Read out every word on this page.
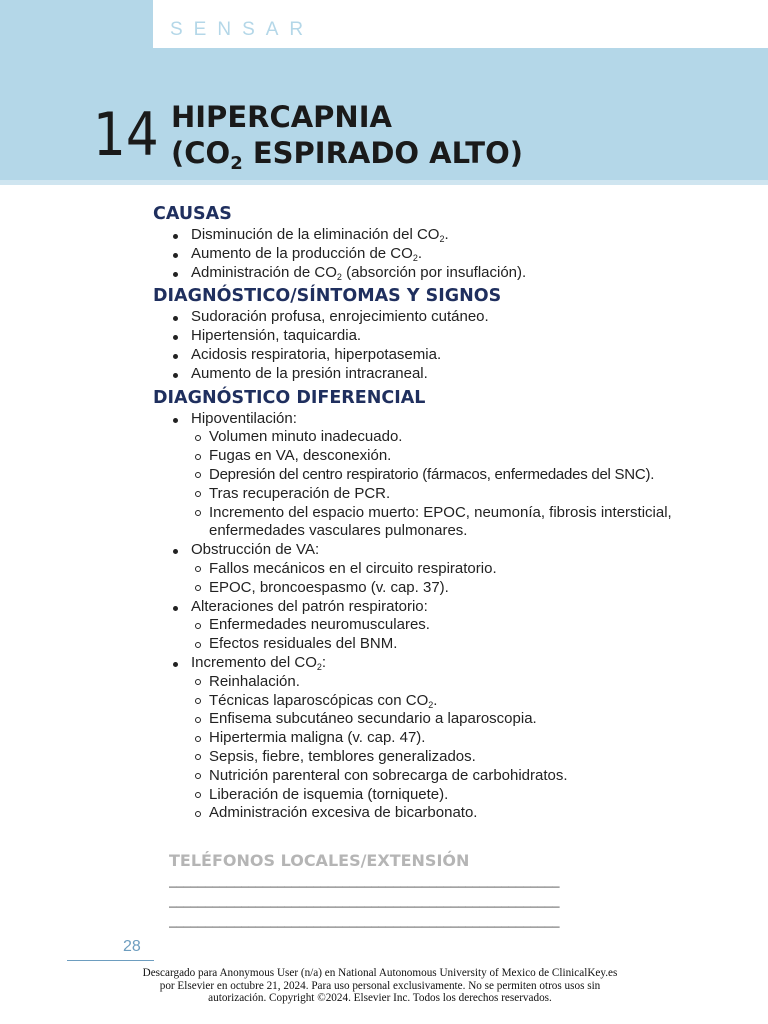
SENSAR
14 HIPERCAPNIA
($CO_2$ ESPIRADO ALTO)
CAUSAS
Disminución de la eliminación del $CO_2$.
Aumento de la producción de $CO_2$.
Administración de $CO_2$ (absorción por insuflación).
DIAGNÓSTICO/SÍNTOMAS Y SIGNOS
Sudoración profusa, enrojecimiento cutáneo.
Hipertensión, taquicardia.
Acidosis respiratoria, hiperpotasemia.
Aumento de la presión intracraneal.
DIAGNÓSTICO DIFERENCIAL
Hipoventilación:
Volumen minuto inadecuado.
Fugas en VA, desconexión.
Depresión del centro respiratorio (fármacos, enfermedades del SNC).
Tras recuperación de PCR.
Incremento del espacio muerto: EPOC, neumonía, fibrosis intersticial, enfermedades vasculares pulmonares.
Obstrucción de VA:
Fallos mecánicos en el circuito respiratorio.
EPOC, broncoespasmo (v. cap. 37).
Alteraciones del patrón respiratorio:
Enfermedades neuromusculares.
Efectos residuales del BNM.
Incremento del $CO_2$:
Reinhalación.
Técnicas laparoscópicas con $CO_2$.
Enfisema subcutáneo secundario a laparoscopia.
Hipertermia maligna (v. cap. 47).
Sepsis, fiebre, temblores generalizados.
Nutrición parenteral con sobrecarga de carbohidratos.
Liberación de isquemia (torniquete).
Administración excesiva de bicarbonato.
TELÉFONOS LOCALES/EXTENSIÓN
______________________________________________________
______________________________________________________
______________________________________________________
28
Descargado para Anonymous User (n/a) en National Autonomous University of Mexico de ClinicalKey.es por Elsevier en octubre 21, 2024. Para uso personal exclusivamente. No se permiten otros usos sin autorización. Copyright ©2024. Elsevier Inc. Todos los derechos reservados.
